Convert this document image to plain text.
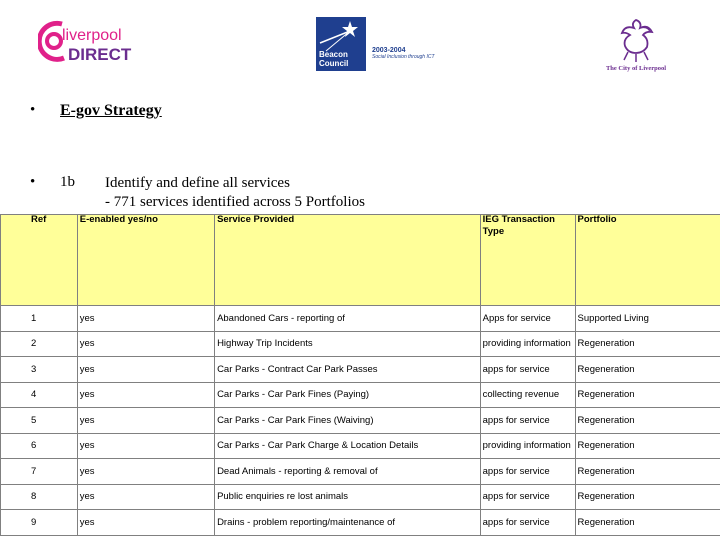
liverpool
DIRECT	Beacon
Council
2003-2004
Social Inclusion through ICT
The City of Liverpool
• E-gov Strategy
• 1b Identify and define all services
- 771 services identified across 5 Portfolios
Ref	E-enabled yes/no	Service Provided	IEG Transaction Type	Portfolio

1	yes	Abandoned Cars - reporting of	Apps for service	Supported Living
2	yes	Highway Trip Incidents	providing information	Regeneration
3	yes	Car Parks - Contract Car Park Passes	apps for service	Regeneration
4	yes	Car Parks - Car Park Fines (Paying)	collecting revenue	Regeneration
5	yes	Car Parks - Car Park Fines (Waiving)	apps for service	Regeneration
6	yes	Car Parks - Car Park Charge & Location Details	providing information	Regeneration
7	yes	Dead Animals - reporting & removal of	apps for service	Regeneration
8	yes	Public enquiries re lost animals	apps for service	Regeneration
9	yes	Drains - problem reporting/maintenance of	apps for service	Regeneration
